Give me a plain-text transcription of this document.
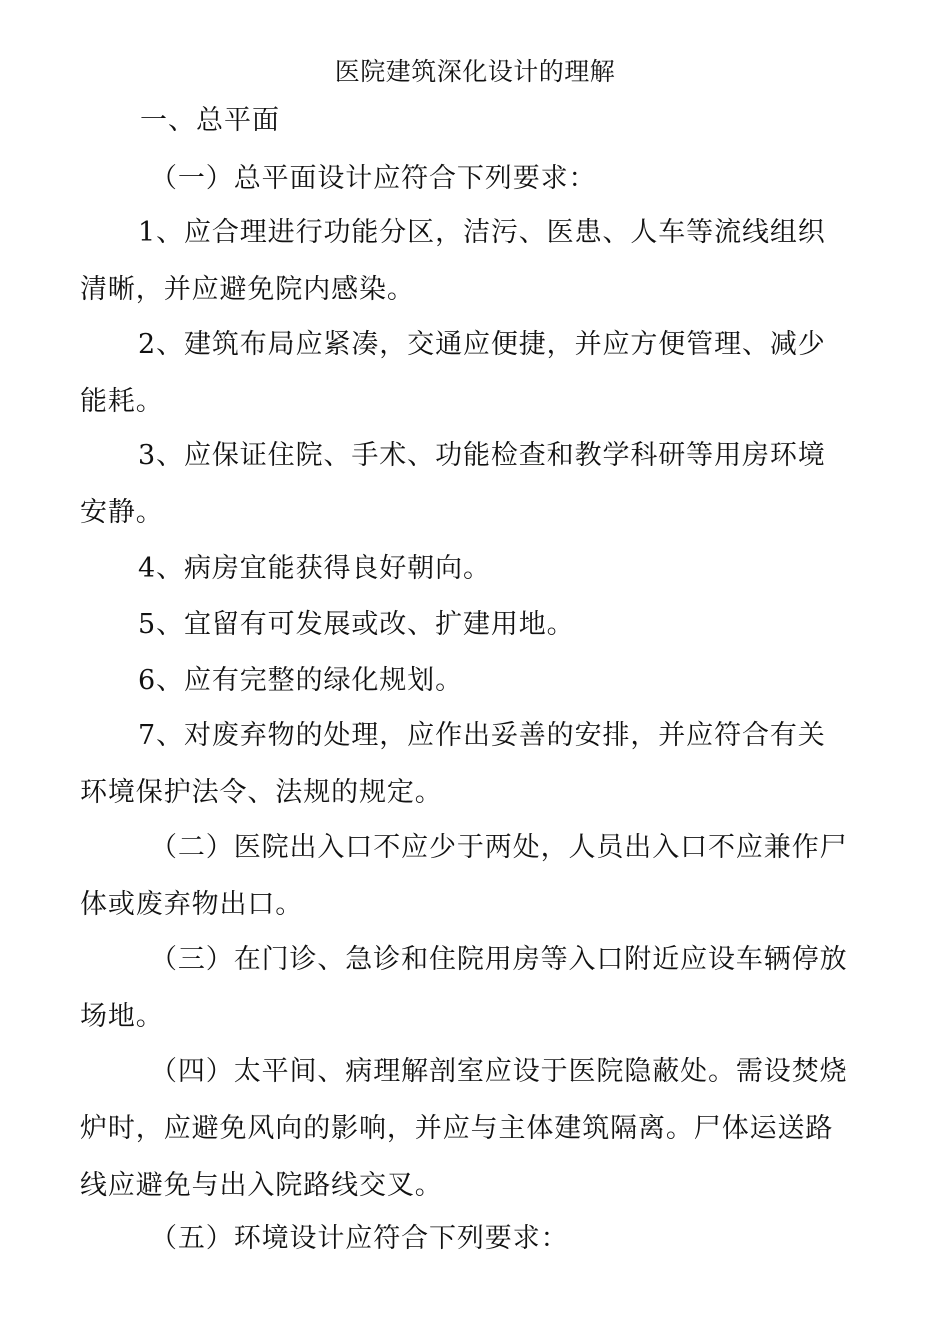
医院建筑深化设计的理解
一、总平面
（一）总平面设计应符合下列要求：
1、应合理进行功能分区，洁污、医患、人车等流线组织
清晰，并应避免院内感染。
2、建筑布局应紧凑，交通应便捷，并应方便管理、减少
能耗。
3、应保证住院、手术、功能检查和教学科研等用房环境
安静。
4、病房宜能获得良好朝向。
5、宜留有可发展或改、扩建用地。
6、应有完整的绿化规划。
7、对废弃物的处理，应作出妥善的安排，并应符合有关
环境保护法令、法规的规定。
（二）医院出入口不应少于两处，人员出入口不应兼作尸
体或废弃物出口。
（三）在门诊、急诊和住院用房等入口附近应设车辆停放
场地。
（四）太平间、病理解剖室应设于医院隐蔽处。需设焚烧
炉时，应避免风向的影响，并应与主体建筑隔离。尸体运送路
线应避免与出入院路线交叉。
（五）环境设计应符合下列要求：
